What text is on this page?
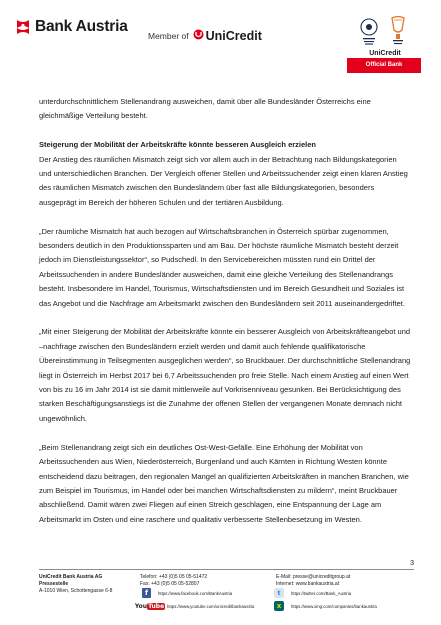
Bank Austria
Member of UniCredit
UniCredit
Official Bank

unterdurchschnittlichem Stellenandrang ausweichen, damit über alle Bundesländer Österreichs eine gleichmäßige Verteilung besteht.

Steigerung der Mobilität der Arbeitskräfte könnte besseren Ausgleich erzielen

Der Anstieg des räumlichen Mismatch zeigt sich vor allem auch in der Betrachtung nach Bildungskategorien und unterschiedlichen Branchen. Der Vergleich offener Stellen und Arbeitssuchender zeigt einen klaren Anstieg des räumlichen Mismatch zwischen den Bundesländern über fast alle Bildungskategorien, besonders ausgeprägt im Bereich der höheren Schulen und der tertiären Ausbildung.

„Der räumliche Mismatch hat auch bezogen auf Wirtschaftsbranchen in Österreich spürbar zugenommen, besonders deutlich in den Produktionssparten und am Bau. Der höchste räumliche Mismatch besteht derzeit jedoch im Dienstleistungssektor“, so Pudschedl. In den Servicebereichen müssten rund ein Drittel der Arbeitssuchenden in andere Bundesländer ausweichen, damit eine gleiche Verteilung des Stellenandrangs besteht. Insbesondere im Handel, Tourismus, Wirtschaftsdiensten und im Bereich Gesundheit und Soziales ist das Angebot und die Nachfrage am Arbeitsmarkt zwischen den Bundesländern seit 2011 auseinandergedriftet.

„Mit einer Steigerung der Mobilität der Arbeitskräfte könnte ein besserer Ausgleich von Arbeitskräfteangebot und –nachfrage zwischen den Bundesländern erzielt werden und damit auch fehlende qualifikatorische Übereinstimmung in Teilsegmenten ausgeglichen werden“, so Bruckbauer. Der durchschnittliche Stellenandrang liegt in Österreich im Herbst 2017 bei 6,7 Arbeitssuchenden pro freie Stelle. Nach einem Anstieg auf einen Wert von bis zu 16 im Jahr 2014 ist sie damit mittlerweile auf Vorkrisenniveau gesunken. Bei Berücksichtigung des starken Beschäftigungsanstiegs ist die Zunahme der offenen Stellen der vergangenen Monate demnach nicht ungewöhnlich.

„Beim Stellenandrang zeigt sich ein deutliches Ost-West-Gefälle. Eine Erhöhung der Mobilität von Arbeitssuchenden aus Wien, Niederösterreich, Burgenland und auch Kärnten in Richtung Westen könnte entscheidend dazu beitragen, den regionalen Mangel an qualifizierten Arbeitskräften in manchen Branchen, wie zum Beispiel im Tourismus, im Handel oder bei manchen Wirtschaftsdiensten zu mildern“, meint Bruckbauer abschließend. Damit wären zwei Fliegen auf einen Streich geschlagen, eine Entspannung der Lage am Arbeitsmarkt im Osten und eine raschere und qualitativ verbesserte Stellenbesetzung im Westen.

3
UniCredit Bank Austria AG
Pressestelle
A-1010 Wien, Schottengasse 6-8
Telefon: +43 (0)5 05 05-51472
Fax: +43 (0)5 05 05-52807
E-Mail: presse@unicreditgroup.at
Internet: www.bankaustria.at
f	https://www.facebook.com/BankAustria	t	https://twitter.com/Bank_Austria
You Tube https://www.youtube.com/unicreditbankaustria	x	https://www.xing.com/companies/bankaustria
